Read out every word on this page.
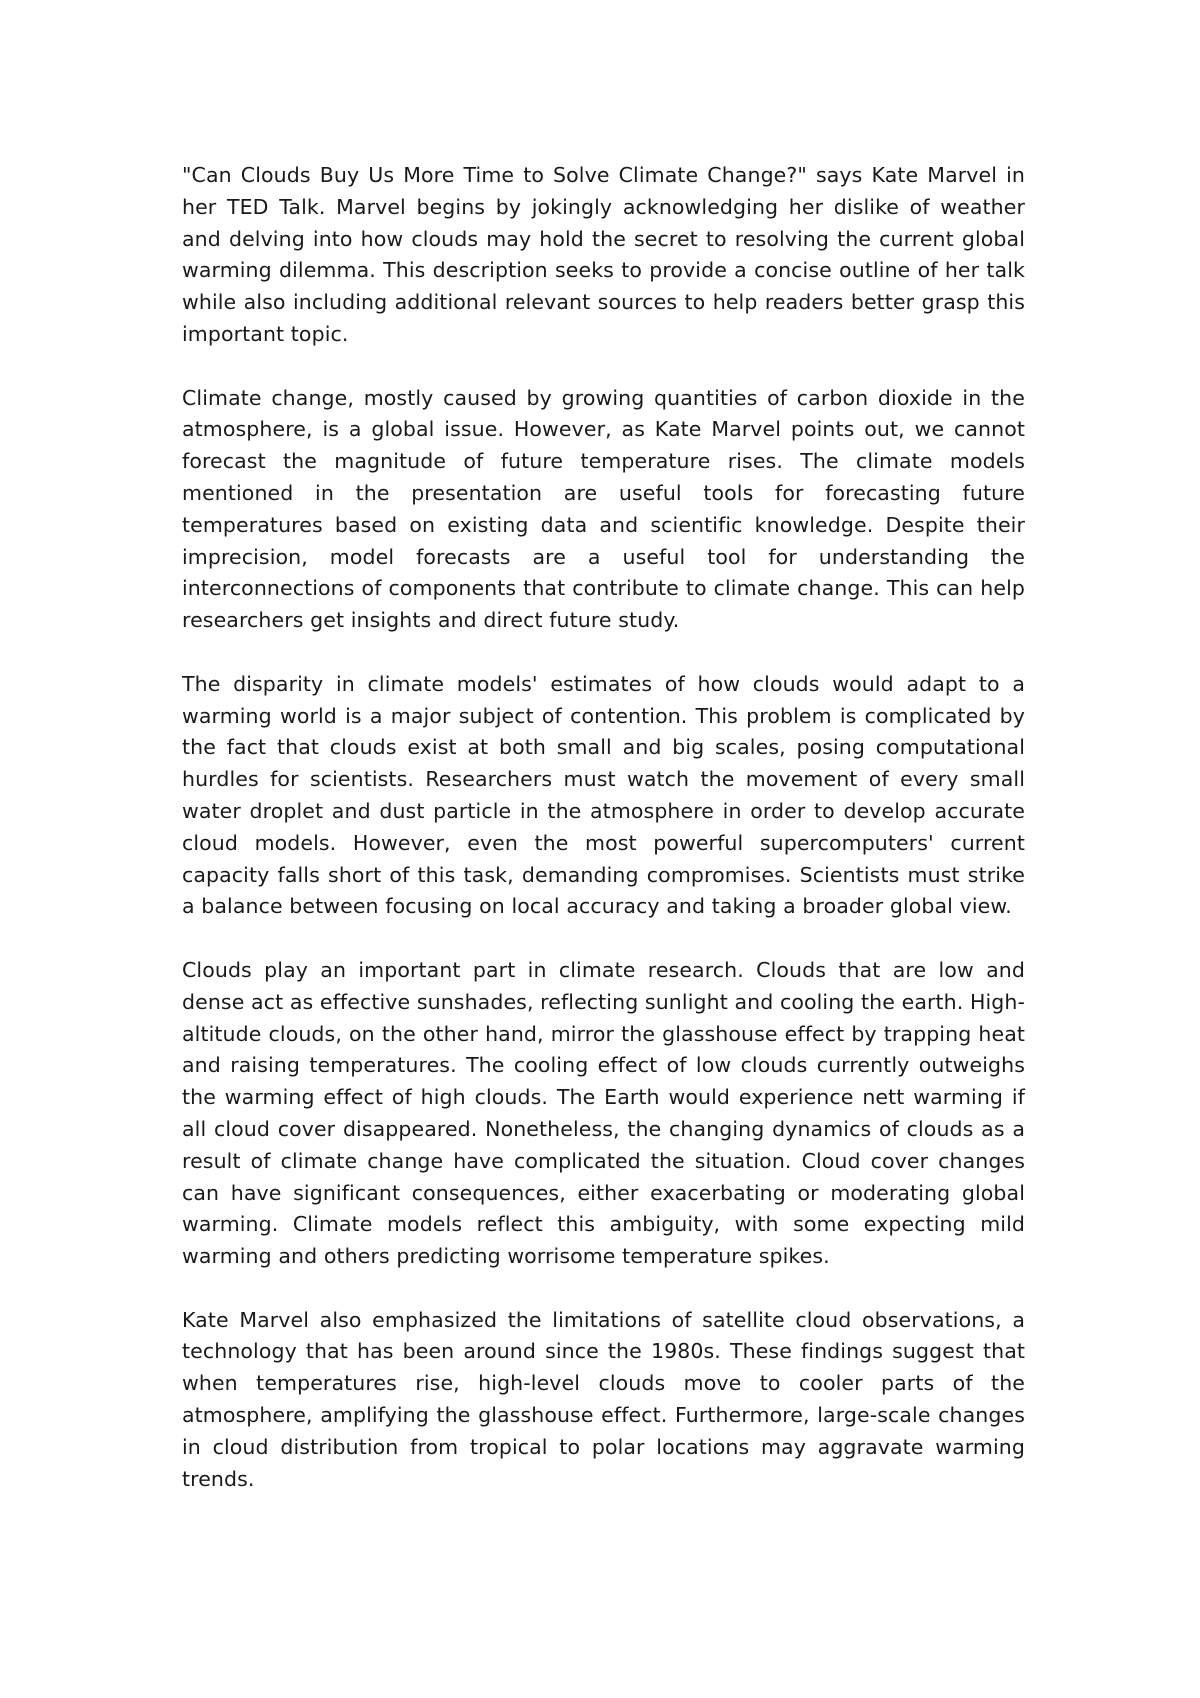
"Can Clouds Buy Us More Time to Solve Climate Change?" says Kate Marvel in her TED Talk. Marvel begins by jokingly acknowledging her dislike of weather and delving into how clouds may hold the secret to resolving the current global warming dilemma. This description seeks to provide a concise outline of her talk while also including additional relevant sources to help readers better grasp this important topic.

Climate change, mostly caused by growing quantities of carbon dioxide in the atmosphere, is a global issue. However, as Kate Marvel points out, we cannot forecast the magnitude of future temperature rises. The climate models mentioned in the presentation are useful tools for forecasting future temperatures based on existing data and scientific knowledge. Despite their imprecision, model forecasts are a useful tool for understanding the interconnections of components that contribute to climate change. This can help researchers get insights and direct future study.

The disparity in climate models' estimates of how clouds would adapt to a warming world is a major subject of contention. This problem is complicated by the fact that clouds exist at both small and big scales, posing computational hurdles for scientists. Researchers must watch the movement of every small water droplet and dust particle in the atmosphere in order to develop accurate cloud models. However, even the most powerful supercomputers' current capacity falls short of this task, demanding compromises. Scientists must strike a balance between focusing on local accuracy and taking a broader global view.

Clouds play an important part in climate research. Clouds that are low and dense act as effective sunshades, reflecting sunlight and cooling the earth. High-altitude clouds, on the other hand, mirror the glasshouse effect by trapping heat and raising temperatures. The cooling effect of low clouds currently outweighs the warming effect of high clouds. The Earth would experience nett warming if all cloud cover disappeared. Nonetheless, the changing dynamics of clouds as a result of climate change have complicated the situation. Cloud cover changes can have significant consequences, either exacerbating or moderating global warming. Climate models reflect this ambiguity, with some expecting mild warming and others predicting worrisome temperature spikes.

Kate Marvel also emphasized the limitations of satellite cloud observations, a technology that has been around since the 1980s. These findings suggest that when temperatures rise, high-level clouds move to cooler parts of the atmosphere, amplifying the glasshouse effect. Furthermore, large-scale changes in cloud distribution from tropical to polar locations may aggravate warming trends.
